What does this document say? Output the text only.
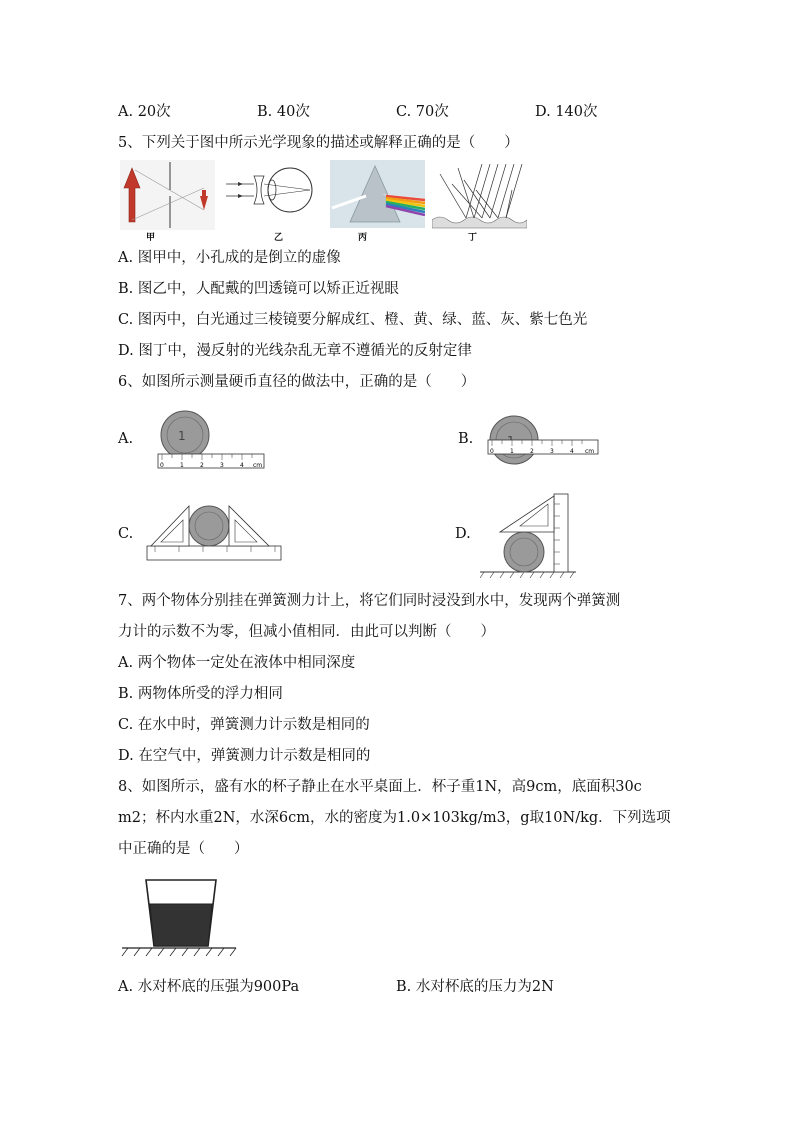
A. 20次	B. 40次	C. 70次	D. 140次
5、下列关于图中所示光学现象的描述或解释正确的是（　　）
甲	乙	丙	丁
A. 图甲中，小孔成的是倒立的虚像
B. 图乙中，人配戴的凹透镜可以矫正近视眼
C. 图丙中，白光通过三棱镜要分解成红、橙、黄、绿、蓝、灰、紫七色光
D. 图丁中，漫反射的光线杂乱无章不遵循光的反射定律
6、如图所示测量硬币直径的做法中，正确的是（　　）
A.	1
0	1	2	3	4 cm
B.
0	1	2	3	4 cm
C.	D.
7、两个物体分别挂在弹簧测力计上，将它们同时浸没到水中，发现两个弹簧测
力计的示数不为零，但减小值相同．由此可以判断（　　）
A. 两个物体一定处在液体中相同深度
B. 两物体所受的浮力相同
C. 在水中时，弹簧测力计示数是相同的
D. 在空气中，弹簧测力计示数是相同的
8、如图所示，盛有水的杯子静止在水平桌面上．杯子重1N，高9cm，底面积30c
m2；杯内水重2N，水深6cm，水的密度为1.0×103kg/m3，g取10N/kg．下列选项
中正确的是（　　）
A. 水对杯底的压强为900Pa	B. 水对杯底的压力为2N
